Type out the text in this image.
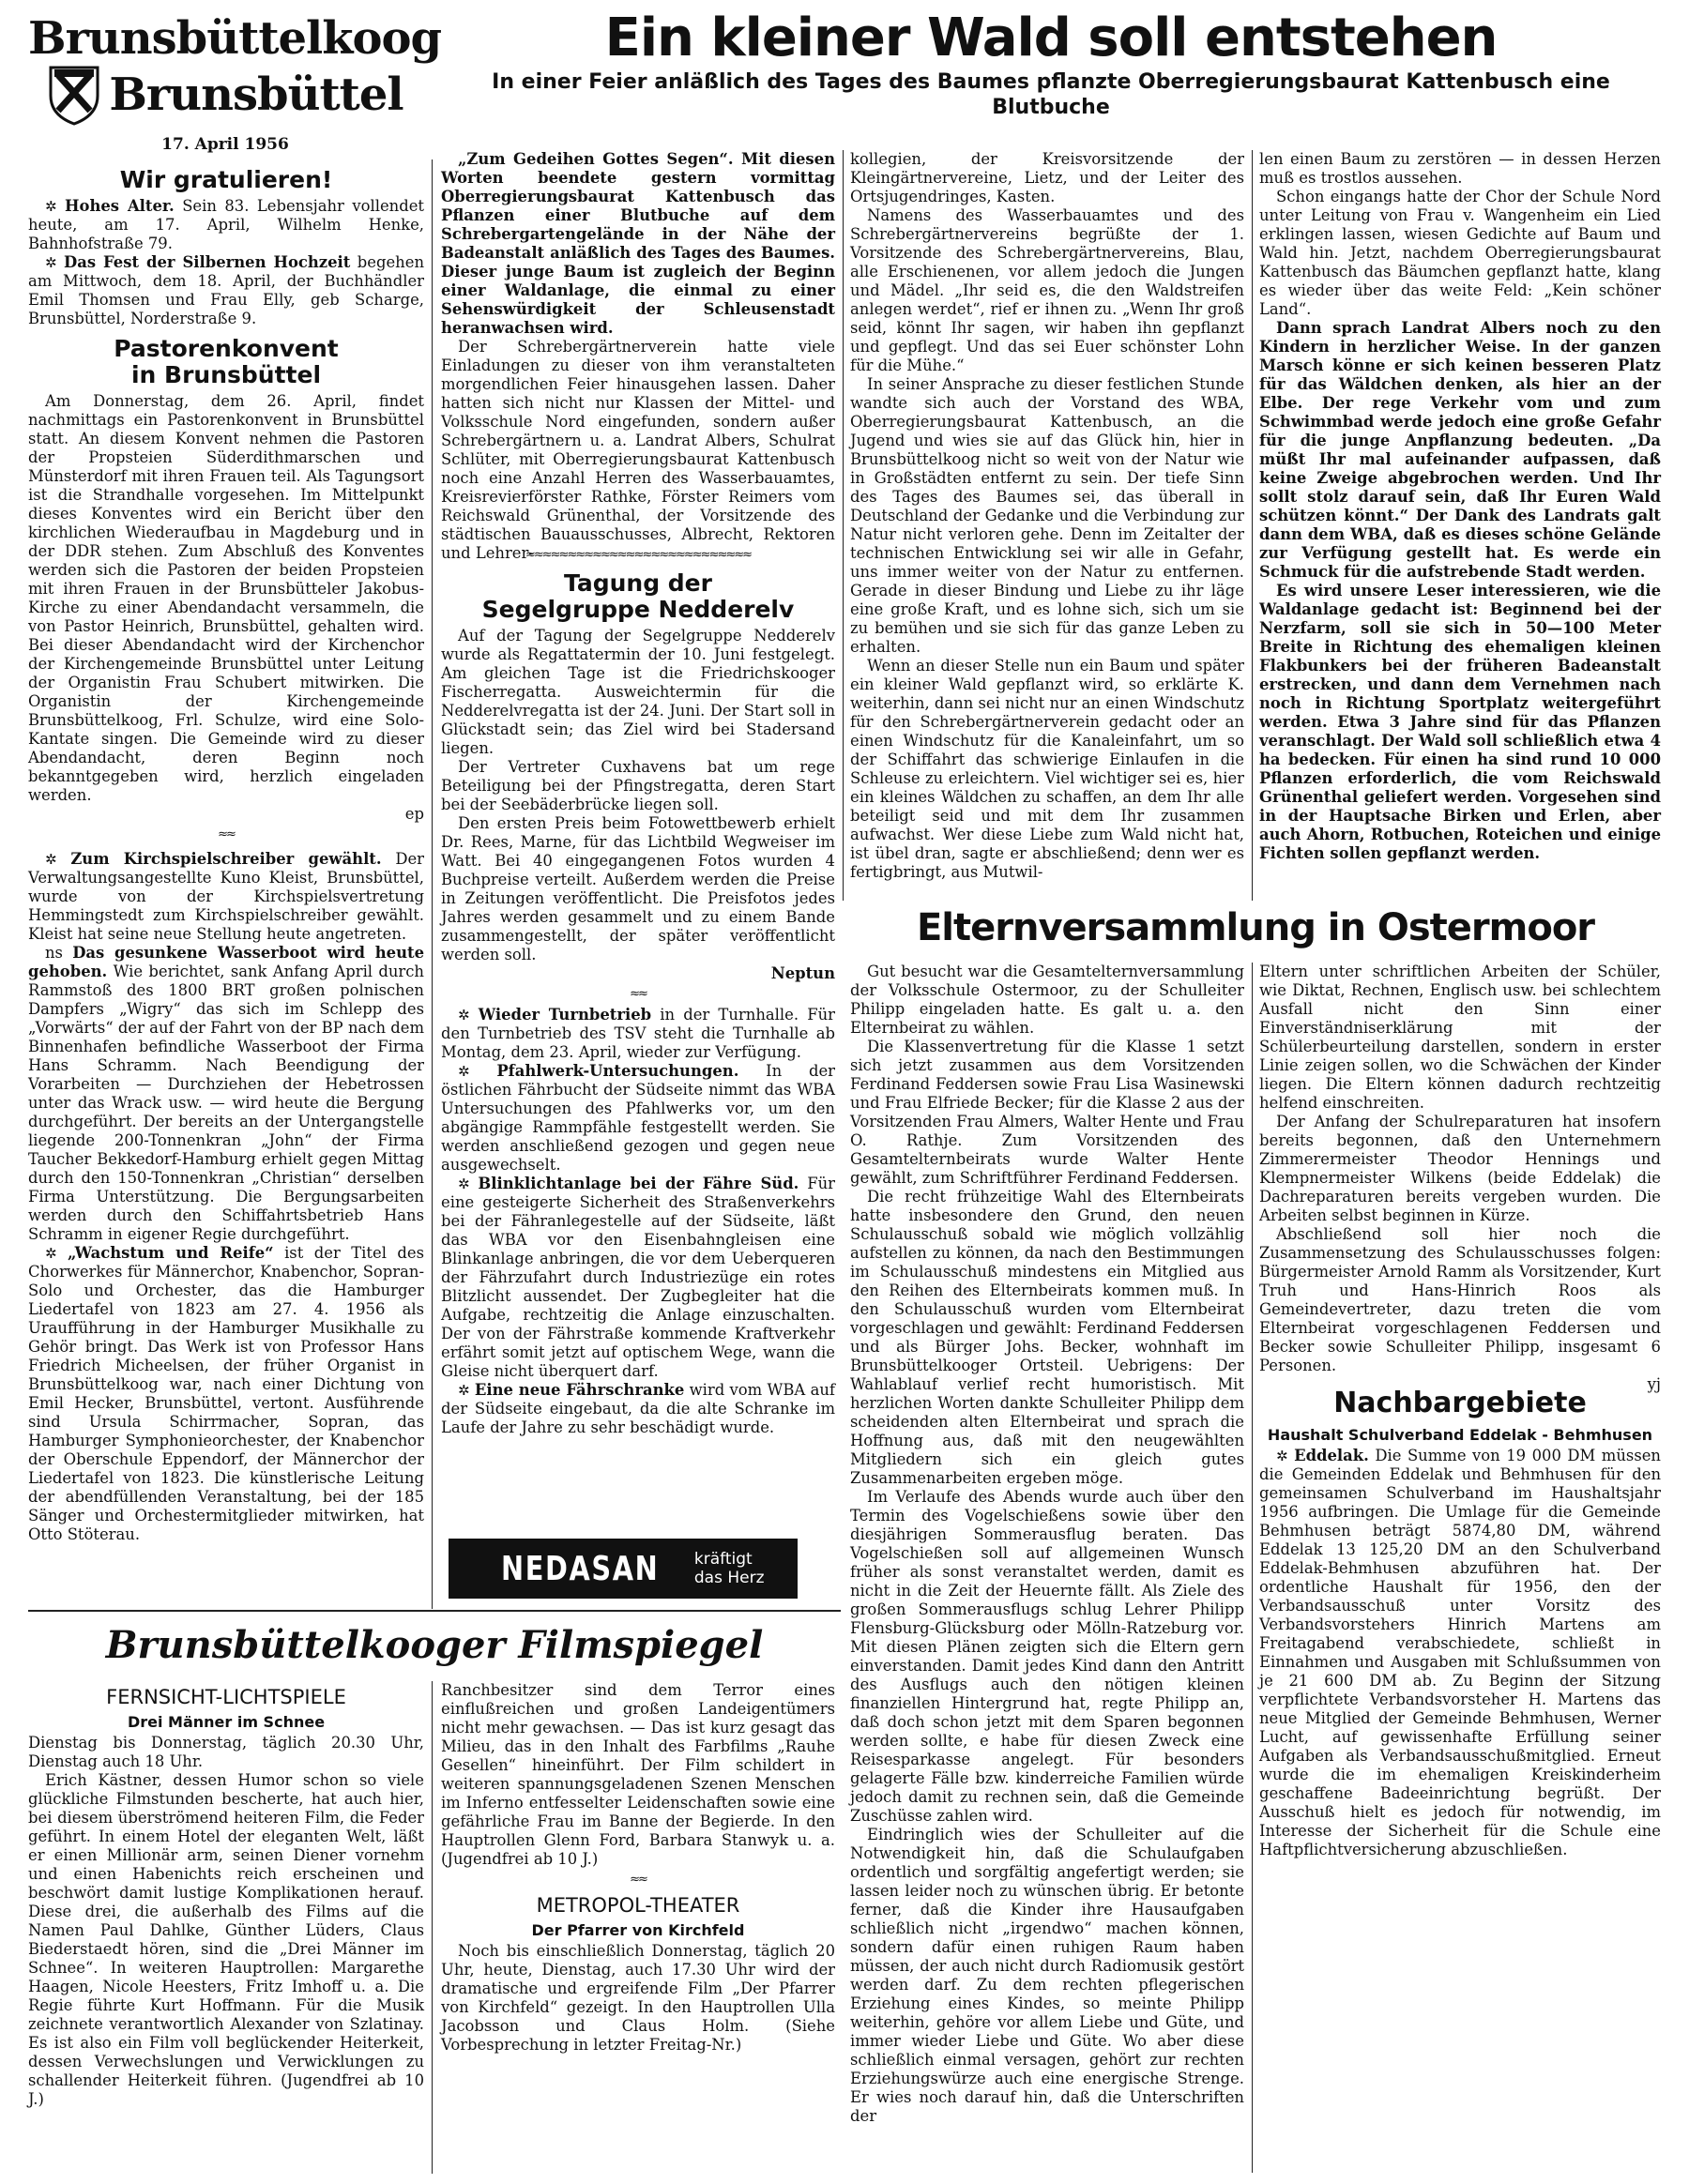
Brunsbüttelkoog
Brunsbüttel
17. April 1956
Wir gratulieren!

✲ Hohes Alter. Sein 83. Lebensjahr vollendet heute, am 17. April, Wilhelm Henke, Bahnhofstraße 79.

✲ Das Fest der Silbernen Hochzeit begehen am Mittwoch, dem 18. April, der Buchhändler Emil Thomsen und Frau Elly, geb Scharge, Brunsbüttel, Norderstraße 9.

Pastorenkonvent
in Brunsbüttel

Am Donnerstag, dem 26. April, findet nachmittags ein Pastorenkonvent in Brunsbüttel statt. An diesem Konvent nehmen die Pastoren der Propsteien Süderdithmarschen und Münsterdorf mit ihren Frauen teil. Als Tagungsort ist die Strandhalle vorgesehen. Im Mittelpunkt dieses Konventes wird ein Bericht über den kirchlichen Wiederaufbau in Magdeburg und in der DDR stehen. Zum Abschluß des Konventes werden sich die Pastoren der beiden Propsteien mit ihren Frauen in der Brunsbütteler Jakobus-Kirche zu einer Abendandacht versammeln, die von Pastor Heinrich, Brunsbüttel, gehalten wird. Bei dieser Abendandacht wird der Kirchenchor der Kirchengemeinde Brunsbüttel unter Leitung der Organistin Frau Schubert mitwirken. Die Organistin der Kirchengemeinde Brunsbüttelkoog, Frl. Schulze, wird eine Solo-Kantate singen. Die Gemeinde wird zu dieser Abendandacht, deren Beginn noch bekanntgegeben wird, herzlich eingeladen werden.

ep

≈≈

✲ Zum Kirchspielschreiber gewählt. Der Verwaltungsangestellte Kuno Kleist, Brunsbüttel, wurde von der Kirchspielsvertretung Hemmingstedt zum Kirchspielschreiber gewählt. Kleist hat seine neue Stellung heute angetreten.

ns Das gesunkene Wasserboot wird heute gehoben. Wie berichtet, sank Anfang April durch Rammstoß des 1800 BRT großen polnischen Dampfers „Wigry“ das sich im Schlepp des „Vorwärts“ der auf der Fahrt von der BP nach dem Binnenhafen befindliche Wasserboot der Firma Hans Schramm. Nach Beendigung der Vorarbeiten — Durchziehen der Hebetrossen unter das Wrack usw. — wird heute die Bergung durchgeführt. Der bereits an der Untergangstelle liegende 200-Tonnenkran „John“ der Firma Taucher Bekkedorf-Hamburg erhielt gegen Mittag durch den 150-Tonnenkran „Christian“ derselben Firma Unterstützung. Die Bergungsarbeiten werden durch den Schiffahrtsbetrieb Hans Schramm in eigener Regie durchgeführt.

✲ „Wachstum und Reife“ ist der Titel des Chorwerkes für Männerchor, Knabenchor, Sopran-Solo und Orchester, das die Hamburger Liedertafel von 1823 am 27. 4. 1956 als Uraufführung in der Hamburger Musikhalle zu Gehör bringt. Das Werk ist von Professor Hans Friedrich Micheelsen, der früher Organist in Brunsbüttelkoog war, nach einer Dichtung von Emil Hecker, Brunsbüttel, vertont. Ausführende sind Ursula Schirrmacher, Sopran, das Hamburger Symphonieorchester, der Knabenchor der Oberschule Eppendorf, der Männerchor der Liedertafel von 1823. Die künstlerische Leitung der abendfüllenden Veranstaltung, bei der 185 Sänger und Orchestermitglieder mitwirken, hat Otto Stöterau.

Ein kleiner Wald soll entstehen
In einer Feier anläßlich des Tages des Baumes pflanzte Oberregierungsbaurat Kattenbusch eine Blutbuche

„Zum Gedeihen Gottes Segen“. Mit diesen Worten beendete gestern vormittag Oberregierungsbaurat Kattenbusch das Pflanzen einer Blutbuche auf dem Schrebergartengelände in der Nähe der Badeanstalt anläßlich des Tages des Baumes. Dieser junge Baum ist zugleich der Beginn einer Waldanlage, die einmal zu einer Sehenswürdigkeit der Schleusenstadt heranwachsen wird.

Der Schrebergärtnerverein hatte viele Einladungen zu dieser von ihm veranstalteten morgendlichen Feier hinausgehen lassen. Daher hatten sich nicht nur Klassen der Mittel- und Volksschule Nord eingefunden, sondern außer Schrebergärtnern u. a. Landrat Albers, Schulrat Schlüter, mit Oberregierungsbaurat Kattenbusch noch eine Anzahl Herren des Wasserbauamtes, Kreisrevierförster Rathke, Förster Reimers vom Reichswald Grünenthal, der Vorsitzende des städtischen Bauausschusses, Albrecht, Rektoren und Lehrer-

kollegien, der Kreisvorsitzende der Kleingärtnervereine, Lietz, und der Leiter des Ortsjugendringes, Kasten.

Namens des Wasserbauamtes und des Schrebergärtnervereins begrüßte der 1. Vorsitzende des Schrebergärtnervereins, Blau, alle Erschienenen, vor allem jedoch die Jungen und Mädel. „Ihr seid es, die den Waldstreifen anlegen werdet“, rief er ihnen zu. „Wenn Ihr groß seid, könnt Ihr sagen, wir haben ihn gepflanzt und gepflegt. Und das sei Euer schönster Lohn für die Mühe.“

In seiner Ansprache zu dieser festlichen Stunde wandte sich auch der Vorstand des WBA, Oberregierungsbaurat Kattenbusch, an die Jugend und wies sie auf das Glück hin, hier in Brunsbüttelkoog nicht so weit von der Natur wie in Großstädten entfernt zu sein. Der tiefe Sinn des Tages des Baumes sei, das überall in Deutschland der Gedanke und die Verbindung zur Natur nicht verloren gehe. Denn im Zeitalter der technischen Entwicklung sei wir alle in Gefahr, uns immer weiter von der Natur zu entfernen. Gerade in dieser Bindung und Liebe zu ihr läge eine große Kraft, und es lohne sich, sich um sie zu bemühen und sie sich für das ganze Leben zu erhalten.

Wenn an dieser Stelle nun ein Baum und später ein kleiner Wald gepflanzt wird, so erklärte K. weiterhin, dann sei nicht nur an einen Windschutz für den Schrebergärtnerverein gedacht oder an einen Windschutz für die Kanaleinfahrt, um so der Schiffahrt das schwierige Einlaufen in die Schleuse zu erleichtern. Viel wichtiger sei es, hier ein kleines Wäldchen zu schaffen, an dem Ihr alle beteiligt seid und mit dem Ihr zusammen aufwachst. Wer diese Liebe zum Wald nicht hat, ist übel dran, sagte er abschließend; denn wer es fertigbringt, aus Mutwil-

len einen Baum zu zerstören — in dessen Herzen muß es trostlos aussehen.

Schon eingangs hatte der Chor der Schule Nord unter Leitung von Frau v. Wangenheim ein Lied erklingen lassen, wiesen Gedichte auf Baum und Wald hin. Jetzt, nachdem Oberregierungsbaurat Kattenbusch das Bäumchen gepflanzt hatte, klang es wieder über das weite Feld: „Kein schöner Land“.

Dann sprach Landrat Albers noch zu den Kindern in herzlicher Weise. In der ganzen Marsch könne er sich keinen besseren Platz für das Wäldchen denken, als hier an der Elbe. Der rege Verkehr vom und zum Schwimmbad werde jedoch eine große Gefahr für die junge Anpflanzung bedeuten. „Da müßt Ihr mal aufeinander aufpassen, daß keine Zweige abgebrochen werden. Und Ihr sollt stolz darauf sein, daß Ihr Euren Wald schützen könnt.“ Der Dank des Landrats galt dann dem WBA, daß es dieses schöne Gelände zur Verfügung gestellt hat. Es werde ein Schmuck für die aufstrebende Stadt werden.

Es wird unsere Leser interessieren, wie die Waldanlage gedacht ist: Beginnend bei der Nerzfarm, soll sie sich in 50—100 Meter Breite in Richtung des ehemaligen kleinen Flakbunkers bei der früheren Badeanstalt erstrecken, und dann dem Vernehmen nach noch in Richtung Sportplatz weitergeführt werden. Etwa 3 Jahre sind für das Pflanzen veranschlagt. Der Wald soll schließlich etwa 4 ha bedecken. Für einen ha sind rund 10 000 Pflanzen erforderlich, die vom Reichswald Grünenthal geliefert werden. Vorgesehen sind in der Hauptsache Birken und Erlen, aber auch Ahorn, Rotbuchen, Roteichen und einige Fichten sollen gepflanzt werden.

≈≈≈≈≈≈≈≈≈≈≈≈≈≈≈≈≈≈≈≈≈≈≈≈≈≈≈
Tagung der
Segelgruppe Nedderelv

Auf der Tagung der Segelgruppe Nedderelv wurde als Regattatermin der 10. Juni festgelegt. Am gleichen Tage ist die Friedrichskooger Fischerregatta. Ausweichtermin für die Nedderelvregatta ist der 24. Juni. Der Start soll in Glückstadt sein; das Ziel wird bei Stadersand liegen.

Der Vertreter Cuxhavens bat um rege Beteiligung bei der Pfingstregatta, deren Start bei der Seebäderbrücke liegen soll.

Den ersten Preis beim Fotowettbewerb erhielt Dr. Rees, Marne, für das Lichtbild Wegweiser im Watt. Bei 40 eingegangenen Fotos wurden 4 Buchpreise verteilt. Außerdem werden die Preise in Zeitungen veröffentlicht. Die Preisfotos jedes Jahres werden gesammelt und zu einem Bande zusammengestellt, der später veröffentlicht werden soll.

Neptun

≈≈

✲ Wieder Turnbetrieb in der Turnhalle. Für den Turnbetrieb des TSV steht die Turnhalle ab Montag, dem 23. April, wieder zur Verfügung.

✲ Pfahlwerk-Untersuchungen. In der östlichen Fährbucht der Südseite nimmt das WBA Untersuchungen des Pfahlwerks vor, um den abgängige Rammpfähle festgestellt werden. Sie werden anschließend gezogen und gegen neue ausgewechselt.

✲ Blinklichtanlage bei der Fähre Süd. Für eine gesteigerte Sicherheit des Straßenverkehrs bei der Fähranlegestelle auf der Südseite, läßt das WBA vor den Eisenbahngleisen eine Blinkanlage anbringen, die vor dem Ueberqueren der Fährzufahrt durch Industriezüge ein rotes Blitzlicht aussendet. Der Zugbegleiter hat die Aufgabe, rechtzeitig die Anlage einzuschalten. Der von der Fährstraße kommende Kraftverkehr erfährt somit jetzt auf optischem Wege, wann die Gleise nicht überquert darf.

✲ Eine neue Fährschranke wird vom WBA auf der Südseite eingebaut, da die alte Schranke im Laufe der Jahre zu sehr beschädigt wurde.

NEDASAN kräftigt
das Herz
Elternversammlung in Ostermoor

Gut besucht war die Gesamtelternversammlung der Volksschule Ostermoor, zu der Schulleiter Philipp eingeladen hatte. Es galt u. a. den Elternbeirat zu wählen.

Die Klassenvertretung für die Klasse 1 setzt sich jetzt zusammen aus dem Vorsitzenden Ferdinand Feddersen sowie Frau Lisa Wasinewski und Frau Elfriede Becker; für die Klasse 2 aus der Vorsitzenden Frau Almers, Walter Hente und Frau O. Rathje. Zum Vorsitzenden des Gesamtelternbeirats wurde Walter Hente gewählt, zum Schriftführer Ferdinand Feddersen.

Die recht frühzeitige Wahl des Elternbeirats hatte insbesondere den Grund, den neuen Schulausschuß sobald wie möglich vollzählig aufstellen zu können, da nach den Bestimmungen im Schulausschuß mindestens ein Mitglied aus den Reihen des Elternbeirats kommen muß. In den Schulausschuß wurden vom Elternbeirat vorgeschlagen und gewählt: Ferdinand Feddersen und als Bürger Johs. Becker, wohnhaft im Brunsbüttelkooger Ortsteil. Uebrigens: Der Wahlablauf verlief recht humoristisch. Mit herzlichen Worten dankte Schulleiter Philipp dem scheidenden alten Elternbeirat und sprach die Hoffnung aus, daß mit den neugewählten Mitgliedern sich ein gleich gutes Zusammenarbeiten ergeben möge.

Im Verlaufe des Abends wurde auch über den Termin des Vogelschießens sowie über den diesjährigen Sommerausflug beraten. Das Vogelschießen soll auf allgemeinen Wunsch früher als sonst veranstaltet werden, damit es nicht in die Zeit der Heuernte fällt. Als Ziele des großen Sommerausflugs schlug Lehrer Philipp Flensburg-Glücksburg oder Mölln-Ratzeburg vor. Mit diesen Plänen zeigten sich die Eltern gern einverstanden. Damit jedes Kind dann den Antritt des Ausflugs auch den nötigen kleinen finanziellen Hintergrund hat, regte Philipp an, daß doch schon jetzt mit dem Sparen begonnen werden sollte, e habe für diesen Zweck eine Reisesparkasse angelegt. Für besonders gelagerte Fälle bzw. kinderreiche Familien würde jedoch damit zu rechnen sein, daß die Gemeinde Zuschüsse zahlen wird.

Eindringlich wies der Schulleiter auf die Notwendigkeit hin, daß die Schulaufgaben ordentlich und sorgfältig angefertigt werden; sie lassen leider noch zu wünschen übrig. Er betonte ferner, daß die Kinder ihre Hausaufgaben schließlich nicht „irgendwo“ machen können, sondern dafür einen ruhigen Raum haben müssen, der auch nicht durch Radiomusik gestört werden darf. Zu dem rechten pflegerischen Erziehung eines Kindes, so meinte Philipp weiterhin, gehöre vor allem Liebe und Güte, und immer wieder Liebe und Güte. Wo aber diese schließlich einmal versagen, gehört zur rechten Erziehungswürze auch eine energische Strenge. Er wies noch darauf hin, daß die Unterschriften der

Eltern unter schriftlichen Arbeiten der Schüler, wie Diktat, Rechnen, Englisch usw. bei schlechtem Ausfall nicht den Sinn einer Einverständniserklärung mit der Schülerbeurteilung darstellen, sondern in erster Linie zeigen sollen, wo die Schwächen der Kinder liegen. Die Eltern können dadurch rechtzeitig helfend einschreiten.

Der Anfang der Schulreparaturen hat insofern bereits begonnen, daß den Unternehmern Zimmerermeister Theodor Hennings und Klempnermeister Wilkens (beide Eddelak) die Dachreparaturen bereits vergeben wurden. Die Arbeiten selbst beginnen in Kürze.

Abschließend soll hier noch die Zusammensetzung des Schulausschusses folgen: Bürgermeister Arnold Ramm als Vorsitzender, Kurt Truh und Hans-Hinrich Roos als Gemeindevertreter, dazu treten die vom Elternbeirat vorgeschlagenen Feddersen und Becker sowie Schulleiter Philipp, insgesamt 6 Personen.

yj

Nachbargebiete
Haushalt Schulverband Eddelak - Behmhusen

✲ Eddelak. Die Summe von 19 000 DM müssen die Gemeinden Eddelak und Behmhusen für den gemeinsamen Schulverband im Haushaltsjahr 1956 aufbringen. Die Umlage für die Gemeinde Behmhusen beträgt 5874,80 DM, während Eddelak 13 125,20 DM an den Schulverband Eddelak-Behmhusen abzuführen hat. Der ordentliche Haushalt für 1956, den der Verbandsausschuß unter Vorsitz des Verbandsvorstehers Hinrich Martens am Freitagabend verabschiedete, schließt in Einnahmen und Ausgaben mit Schlußsummen von je 21 600 DM ab. Zu Beginn der Sitzung verpflichtete Verbandsvorsteher H. Martens das neue Mitglied der Gemeinde Behmhusen, Werner Lucht, auf gewissenhafte Erfüllung seiner Aufgaben als Verbandsausschußmitglied. Erneut wurde die im ehemaligen Kreiskinderheim geschaffene Badeeinrichtung begrüßt. Der Ausschuß hielt es jedoch für notwendig, im Interesse der Sicherheit für die Schule eine Haftpflichtversicherung abzuschließen.

Brunsbüttelkooger Filmspiegel
FERNSICHT-LICHTSPIELE
Drei Männer im Schnee

Dienstag bis Donnerstag, täglich 20.30 Uhr, Dienstag auch 18 Uhr.

Erich Kästner, dessen Humor schon so viele glückliche Filmstunden bescherte, hat auch hier, bei diesem überströmend heiteren Film, die Feder geführt. In einem Hotel der eleganten Welt, läßt er einen Millionär arm, seinen Diener vornehm und einen Habenichts reich erscheinen und beschwört damit lustige Komplikationen herauf. Diese drei, die außerhalb des Films auf die Namen Paul Dahlke, Günther Lüders, Claus Biederstaedt hören, sind die „Drei Männer im Schnee“. In weiteren Hauptrollen: Margarethe Haagen, Nicole Heesters, Fritz Imhoff u. a. Die Regie führte Kurt Hoffmann. Für die Musik zeichnete verantwortlich Alexander von Szlatinay. Es ist also ein Film voll beglückender Heiterkeit, dessen Verwechslungen und Verwicklungen zu schallender Heiterkeit führen. (Jugendfrei ab 10 J.)

Ranchbesitzer sind dem Terror eines einflußreichen und großen Landeigentümers nicht mehr gewachsen. — Das ist kurz gesagt das Milieu, das in den Inhalt des Farbfilms „Rauhe Gesellen“ hineinführt. Der Film schildert in weiteren spannungsgeladenen Szenen Menschen im Inferno entfesselter Leidenschaften sowie eine gefährliche Frau im Banne der Begierde. In den Hauptrollen Glenn Ford, Barbara Stanwyk u. a. (Jugendfrei ab 10 J.)

≈≈
METROPOL-THEATER
Der Pfarrer von Kirchfeld

Noch bis einschließlich Donnerstag, täglich 20 Uhr, heute, Dienstag, auch 17.30 Uhr wird der dramatische und ergreifende Film „Der Pfarrer von Kirchfeld“ gezeigt. In den Hauptrollen Ulla Jacobsson und Claus Holm. (Siehe Vorbesprechung in letzter Freitag-Nr.)
